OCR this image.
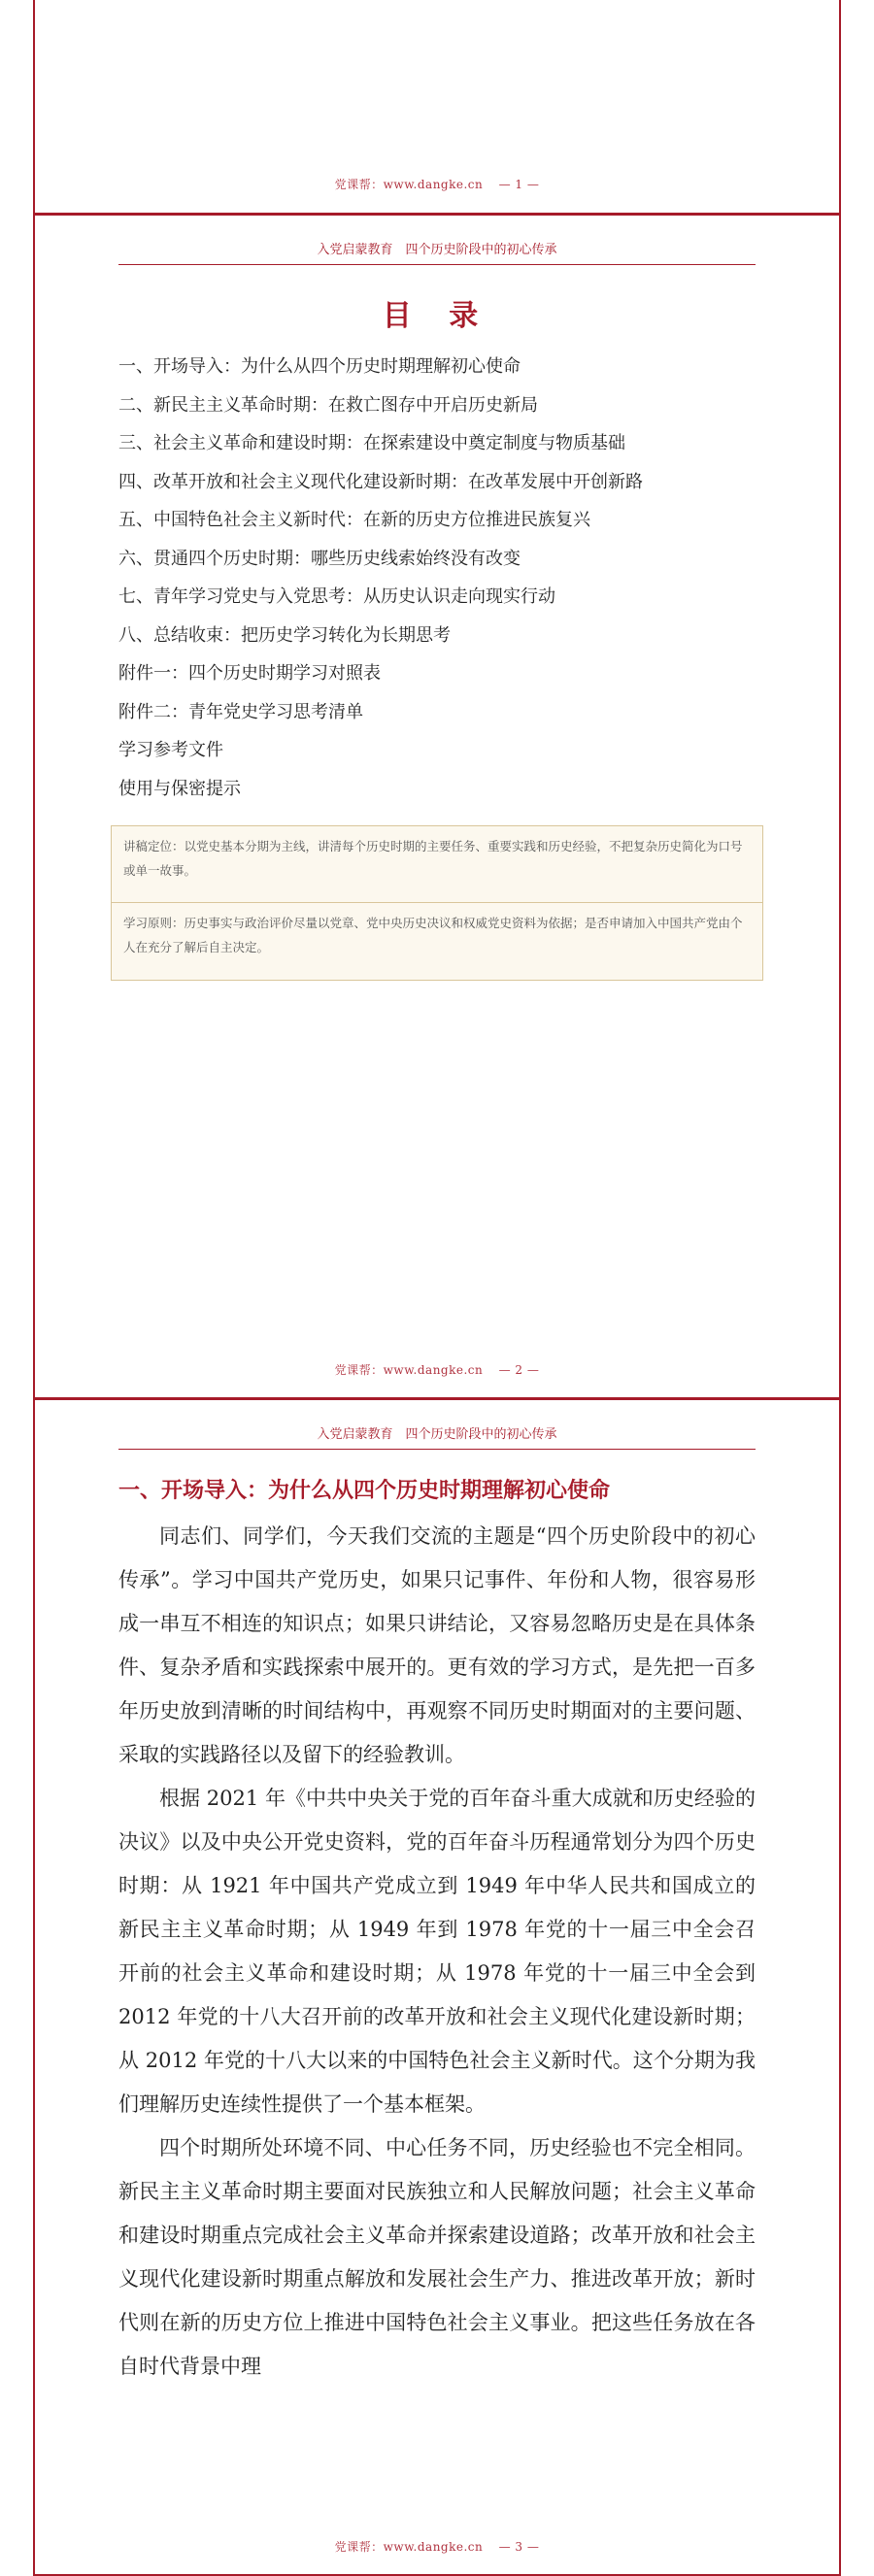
党课帮：www.dangke.cn — 1 —
入党启蒙教育　四个历史阶段中的初心传承
目 录
一、开场导入：为什么从四个历史时期理解初心使命
二、新民主主义革命时期：在救亡图存中开启历史新局
三、社会主义革命和建设时期：在探索建设中奠定制度与物质基础
四、改革开放和社会主义现代化建设新时期：在改革发展中开创新路
五、中国特色社会主义新时代：在新的历史方位推进民族复兴
六、贯通四个历史时期：哪些历史线索始终没有改变
七、青年学习党史与入党思考：从历史认识走向现实行动
八、总结收束：把历史学习转化为长期思考
附件一：四个历史时期学习对照表
附件二：青年党史学习思考清单
学习参考文件
使用与保密提示
讲稿定位：以党史基本分期为主线，讲清每个历史时期的主要任务、重要实践和历史经验，不把复杂历史简化为口号或单一故事。
学习原则：历史事实与政治评价尽量以党章、党中央历史决议和权威党史资料为依据；是否申请加入中国共产党由个人在充分了解后自主决定。
党课帮：www.dangke.cn — 2 —
入党启蒙教育　四个历史阶段中的初心传承
一、开场导入：为什么从四个历史时期理解初心使命

同志们、同学们，今天我们交流的主题是“四个历史阶段中的初心传承”。学习中国共产党历史，如果只记事件、年份和人物，很容易形成一串互不相连的知识点；如果只讲结论，又容易忽略历史是在具体条件、复杂矛盾和实践探索中展开的。更有效的学习方式，是先把一百多年历史放到清晰的时间结构中，再观察不同历史时期面对的主要问题、采取的实践路径以及留下的经验教训。

根据 2021 年《中共中央关于党的百年奋斗重大成就和历史经验的决议》以及中央公开党史资料，党的百年奋斗历程通常划分为四个历史时期：从 1921 年中国共产党成立到 1949 年中华人民共和国成立的新民主主义革命时期；从 1949 年到 1978 年党的十一届三中全会召开前的社会主义革命和建设时期；从 1978 年党的十一届三中全会到 2012 年党的十八大召开前的改革开放和社会主义现代化建设新时期；从 2012 年党的十八大以来的中国特色社会主义新时代。这个分期为我们理解历史连续性提供了一个基本框架。

四个时期所处环境不同、中心任务不同，历史经验也不完全相同。新民主主义革命时期主要面对民族独立和人民解放问题；社会主义革命和建设时期重点完成社会主义革命并探索建设道路；改革开放和社会主义现代化建设新时期重点解放和发展社会生产力、推进改革开放；新时代则在新的历史方位上推进中国特色社会主义事业。把这些任务放在各自时代背景中理

党课帮：www.dangke.cn — 3 —
